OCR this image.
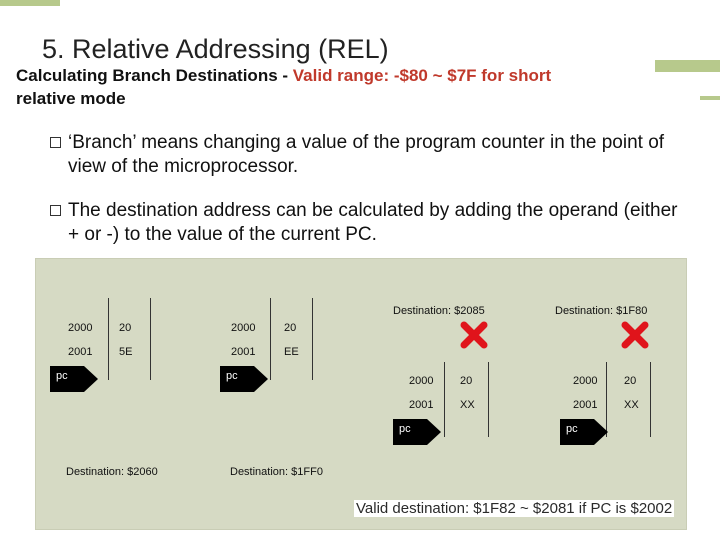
5. Relative Addressing (REL)
Calculating Branch Destinations - Valid range: -$80 ~ $7F for short
relative mode
‘Branch’ means changing a value of the program counter in the point of view of the microprocessor.
The destination address can be calculated by adding the operand (either + or -) to the value of the current PC.
2000 20
2001 5E
pc
Destination: $2060
2000	20
2001	EE
pc
Destination: $1FF0
Destination: $2085
2000 20
2001 XX
pc
Destination: $1F80
2000 20
2001 XX
pc
Valid destination: $1F82 ~ $2081 if PC is $2002
